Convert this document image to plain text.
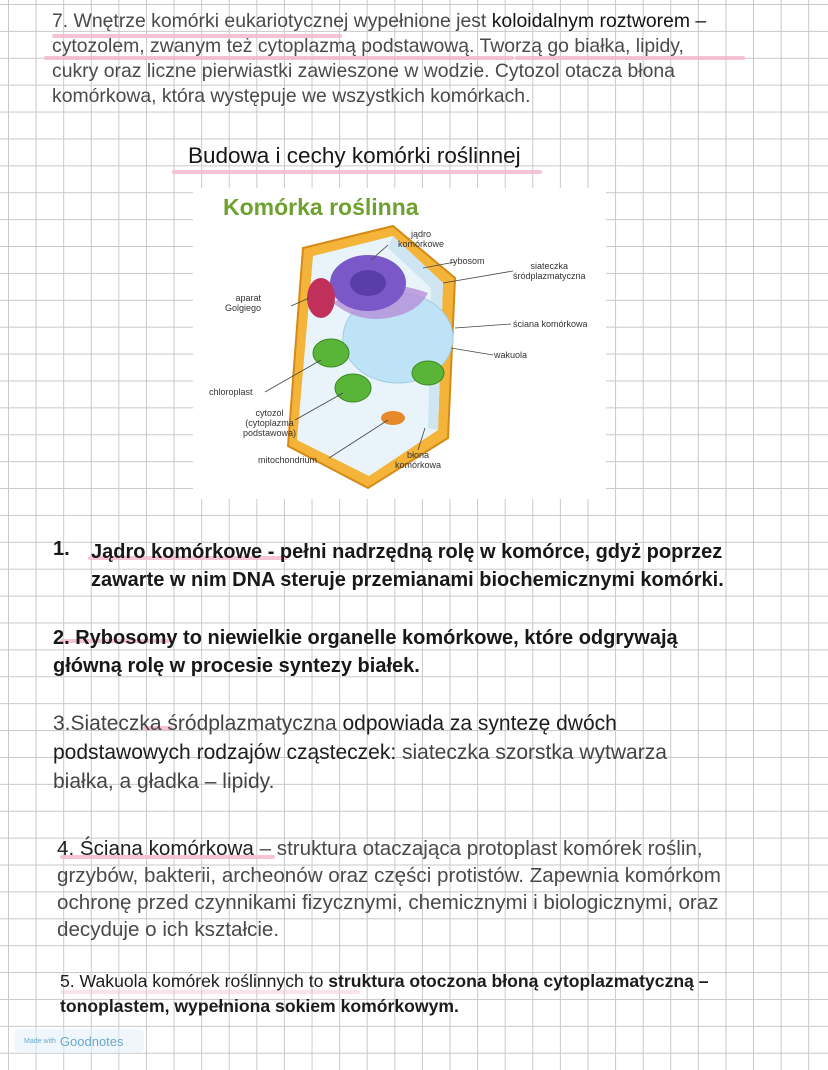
7. Wnętrze komórki eukariotycznej wypełnione jest koloidalnym roztworem –
cytozolem, zwanym też cytoplazmą podstawową. Tworzą go białka, lipidy,
cukry oraz liczne pierwiastki zawieszone w wodzie. Cytozol otacza błona
komórkowa, która występuje we wszystkich komórkach.
Budowa i cechy komórki roślinnej
Komórka roślinna
jądro
komórkowe
rybosom	siateczka
śródplazmatyczna
aparat
Golgiego
ściana komórkowa
wakuola
chloroplast
cytozol
(cytoplazma
podstawowa)
mitochondrium	błona
komórkowa
1. Jądro komórkowe - pełni nadrzędną rolę w komórce, gdyż poprzez
zawarte w nim DNA steruje przemianami biochemicznymi komórki.
2. Rybosomy to niewielkie organelle komórkowe, które odgrywają
główną rolę w procesie syntezy białek.
3.Siateczka śródplazmatyczna odpowiada za syntezę dwóch
podstawowych rodzajów cząsteczek: siateczka szorstka wytwarza
białka, a gładka – lipidy.
4. Ściana komórkowa – struktura otaczająca protoplast komórek roślin,
grzybów, bakterii, archeonów oraz części protistów. Zapewnia komórkom
ochronę przed czynnikami fizycznymi, chemicznymi i biologicznymi, oraz
decyduje o ich kształcie.
5. Wakuola komórek roślinnych to struktura otoczona błoną cytoplazmatyczną –
tonoplastem, wypełniona sokiem komórkowym.
Made with Goodnotes
